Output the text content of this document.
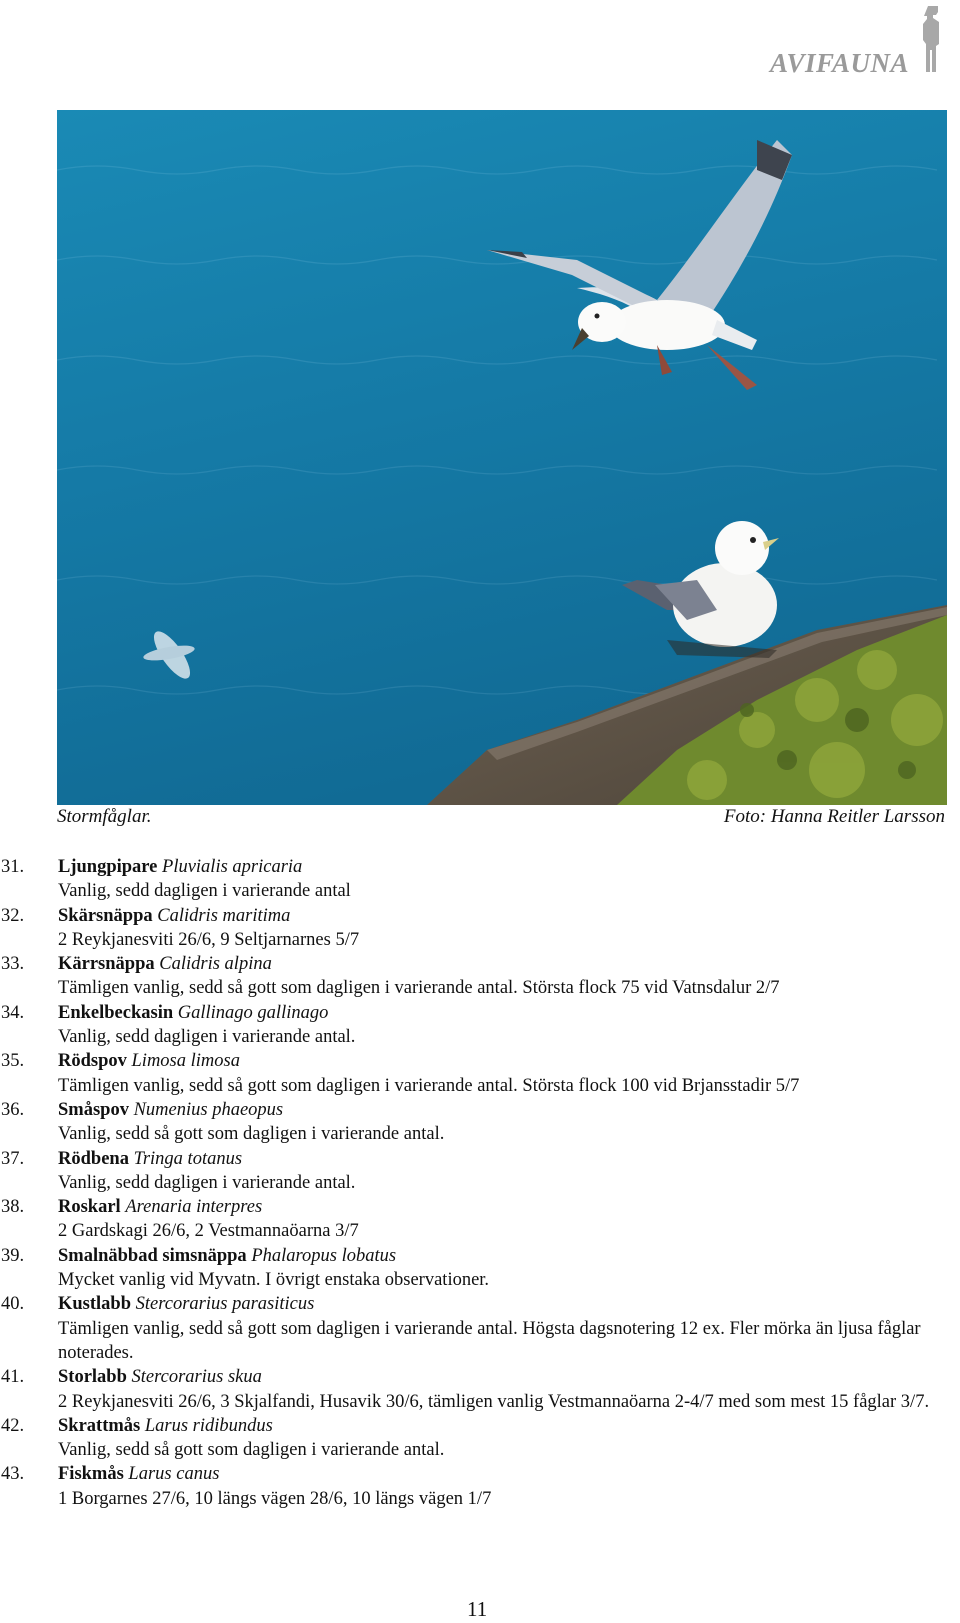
AVIFAUNA
Stormfåglar.	Foto: Hanna Reitler Larsson
31. Ljungpipare Pluvialis apricaria
Vanlig, sedd dagligen i varierande antal
32. Skärsnäppa Calidris maritima
2 Reykjanesviti 26/6, 9 Seltjarnarnes 5/7
33. Kärrsnäppa Calidris alpina
Tämligen vanlig, sedd så gott som dagligen i varierande antal. Största flock 75 vid Vatnsdalur 2/7
34. Enkelbeckasin Gallinago gallinago
Vanlig, sedd dagligen i varierande antal.
35. Rödspov Limosa limosa
Tämligen vanlig, sedd så gott som dagligen i varierande antal. Största flock 100 vid Brjansstadir 5/7
36. Småspov Numenius phaeopus
Vanlig, sedd så gott som dagligen i varierande antal.
37. Rödbena Tringa totanus
Vanlig, sedd dagligen i varierande antal.
38. Roskarl Arenaria interpres
2 Gardskagi 26/6, 2 Vestmannaöarna 3/7
39. Smalnäbbad simsnäppa Phalaropus lobatus
Mycket vanlig vid Myvatn. I övrigt enstaka observationer.
40. Kustlabb Stercorarius parasiticus
Tämligen vanlig, sedd så gott som dagligen i varierande antal. Högsta dagsnotering 12 ex. Fler mörka än ljusa fåglar noterades.
41. Storlabb Stercorarius skua
2 Reykjanesviti 26/6, 3 Skjalfandi, Husavik 30/6, tämligen vanlig Vestmannaöarna 2-4/7 med som mest 15 fåglar 3/7.
42. Skrattmås Larus ridibundus
Vanlig, sedd så gott som dagligen i varierande antal.
43. Fiskmås Larus canus
1 Borgarnes 27/6, 10 längs vägen 28/6, 10 längs vägen 1/7
11
